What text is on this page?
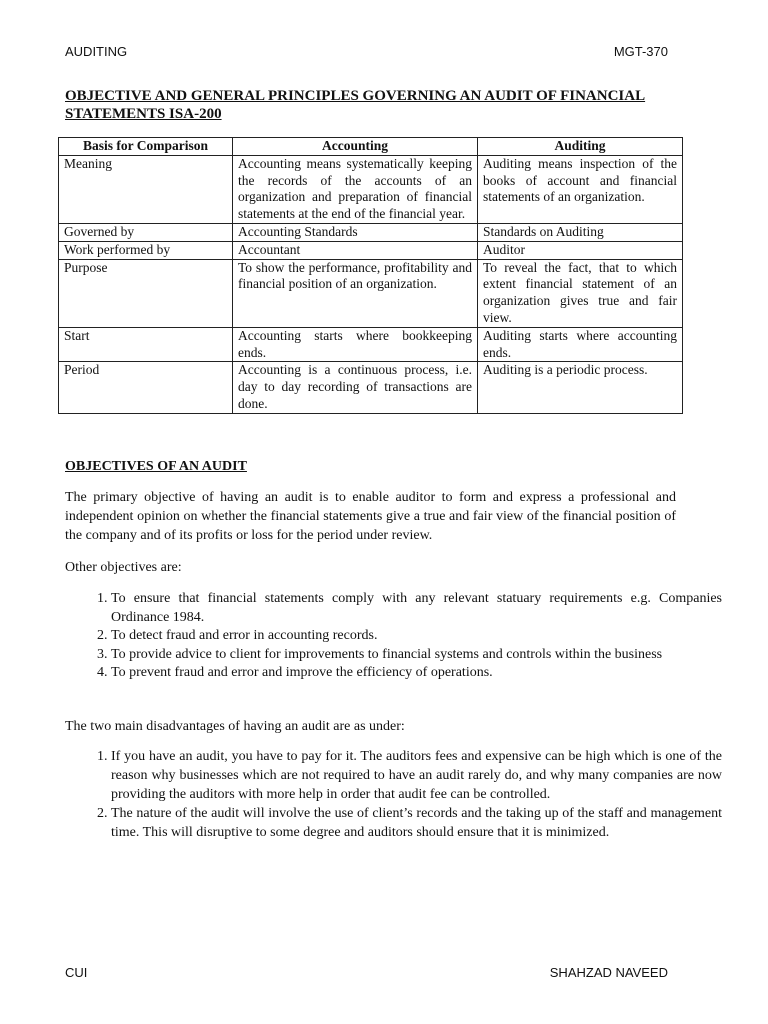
AUDITING	MGT-370
OBJECTIVE AND GENERAL PRINCIPLES GOVERNING AN AUDIT OF FINANCIAL STATEMENTS ISA-200
Basis for Comparison	Accounting	Auditing
Meaning	Accounting means systematically keeping the records of the accounts of an organization and preparation of financial statements at the end of the financial year.	Auditing means inspection of the books of account and financial statements of an organization.
Governed by	Accounting Standards	Standards on Auditing
Work performed by	Accountant	Auditor
Purpose	To show the performance, profitability and financial position of an organization.	To reveal the fact, that to which extent financial statement of an organization gives true and fair view.
Start	Accounting starts where bookkeeping ends.	Auditing starts where accounting ends.
Period	Accounting is a continuous process, i.e. day to day recording of transactions are done.	Auditing is a periodic process.
OBJECTIVES OF AN AUDIT
The primary objective of having an audit is to enable auditor to form and express a professional and independent opinion on whether the financial statements give a true and fair view of the financial position of the company and of its profits or loss for the period under review.
Other objectives are:
1. To ensure that financial statements comply with any relevant statuary requirements e.g. Companies Ordinance 1984.
2. To detect fraud and error in accounting records.
3. To provide advice to client for improvements to financial systems and controls within the business
4. To prevent fraud and error and improve the efficiency of operations.
The two main disadvantages of having an audit are as under:
1. If you have an audit, you have to pay for it. The auditors fees and expensive can be high which is one of the reason why businesses which are not required to have an audit rarely do, and why many companies are now providing the auditors with more help in order that audit fee can be controlled.
2. The nature of the audit will involve the use of client’s records and the taking up of the staff and management time. This will disruptive to some degree and auditors should ensure that it is minimized.
CUI	SHAHZAD NAVEED
